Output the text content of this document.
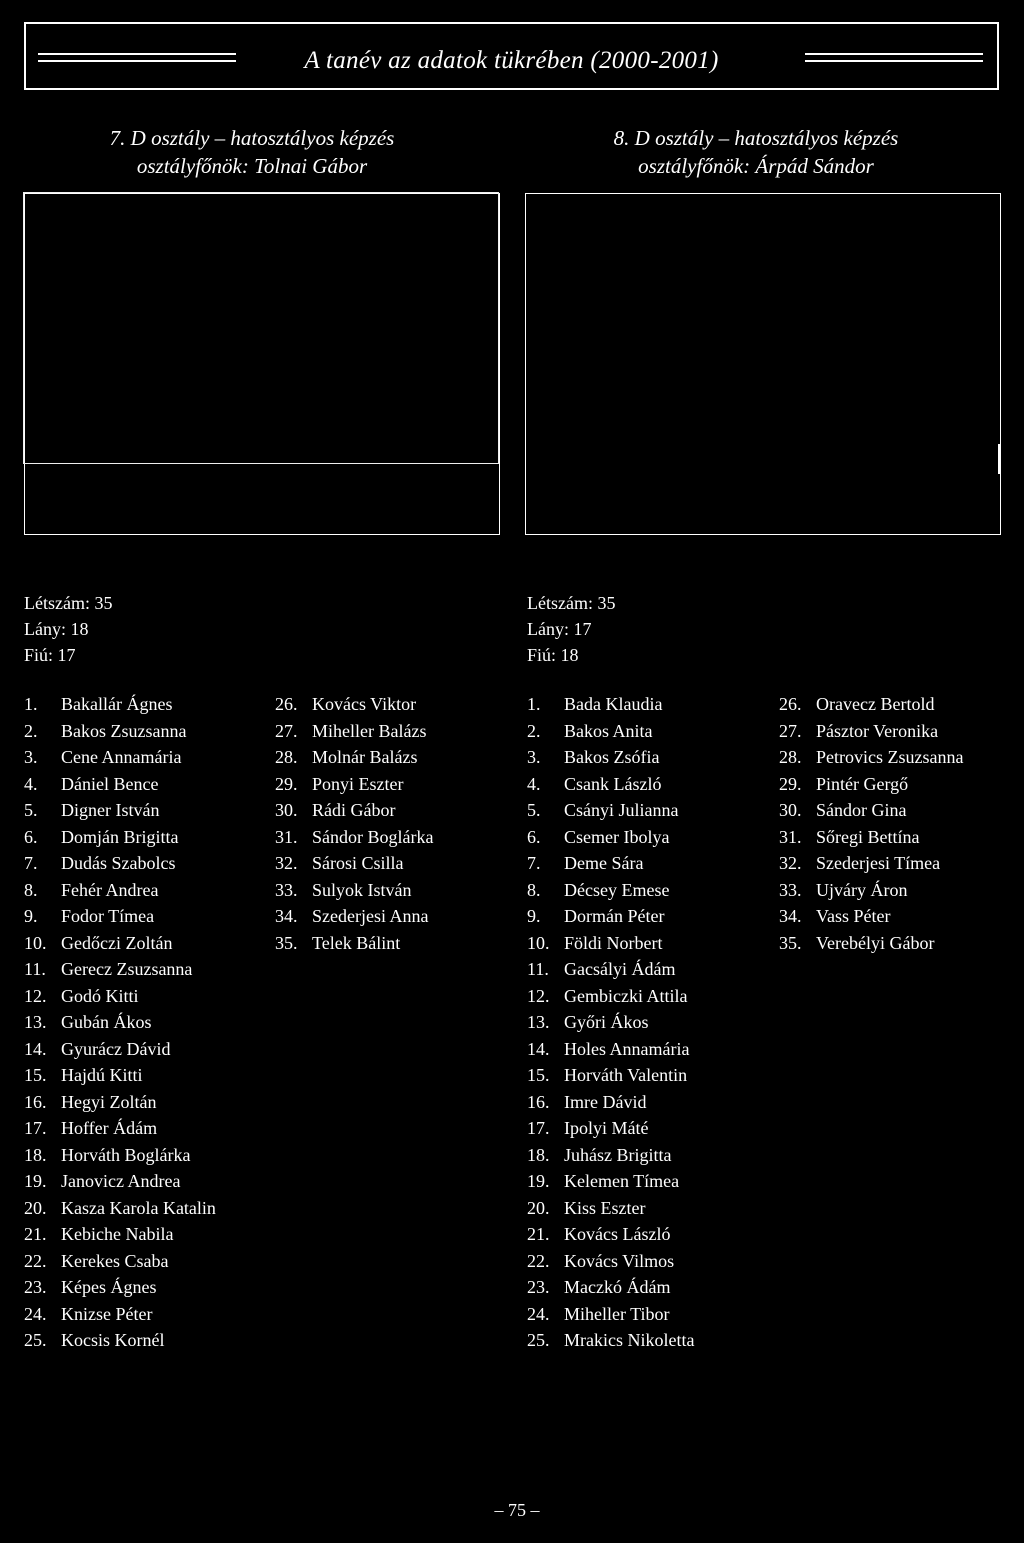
A tanév az adatok tükrében (2000-2001)
7. D osztály – hatosztályos képzés
osztályfőnök: Tolnai Gábor
8. D osztály – hatosztályos képzés
osztályfőnök: Árpád Sándor
Létszám: 35
Lány: 18
Fiú: 17
Létszám: 35
Lány: 17
Fiú: 18
1.	Bakallár Ágnes
2.	Bakos Zsuzsanna
3.	Cene Annamária
4.	Dániel Bence
5.	Digner István
6.	Domján Brigitta
7.	Dudás Szabolcs
8.	Fehér Andrea
9.	Fodor Tímea
10. Gedőczi Zoltán
11. Gerecz Zsuzsanna
12. Godó Kitti
13. Gubán Ákos
14. Gyurácz Dávid
15. Hajdú Kitti
16. Hegyi Zoltán
17. Hoffer Ádám
18. Horváth Boglárka
19. Janovicz Andrea
20. Kasza Karola Katalin
21. Kebiche Nabila
22. Kerekes Csaba
23. Képes Ágnes
24. Knizse Péter
25. Kocsis Kornél
26. Kovács Viktor
27. Miheller Balázs
28. Molnár Balázs
29. Ponyi Eszter
30. Rádi Gábor
31. Sándor Boglárka
32. Sárosi Csilla
33. Sulyok István
34. Szederjesi Anna
35. Telek Bálint
1.	Bada Klaudia
2.	Bakos Anita
3.	Bakos Zsófia
4.	Csank László
5.	Csányi Julianna
6.	Csemer Ibolya
7.	Deme Sára
8.	Décsey Emese
9.	Dormán Péter
10. Földi Norbert
11. Gacsályi Ádám
12. Gembiczki Attila
13. Győri Ákos
14. Holes Annamária
15. Horváth Valentin
16. Imre Dávid
17. Ipolyi Máté
18. Juhász Brigitta
19. Kelemen Tímea
20. Kiss Eszter
21. Kovács László
22. Kovács Vilmos
23. Maczkó Ádám
24. Miheller Tibor
25. Mrakics Nikoletta
26. Oravecz Bertold
27. Pásztor Veronika
28. Petrovics Zsuzsanna
29. Pintér Gergő
30. Sándor Gina
31. Sőregi Bettína
32. Szederjesi Tímea
33. Ujváry Áron
34. Vass Péter
35. Verebélyi Gábor
– 75 –
